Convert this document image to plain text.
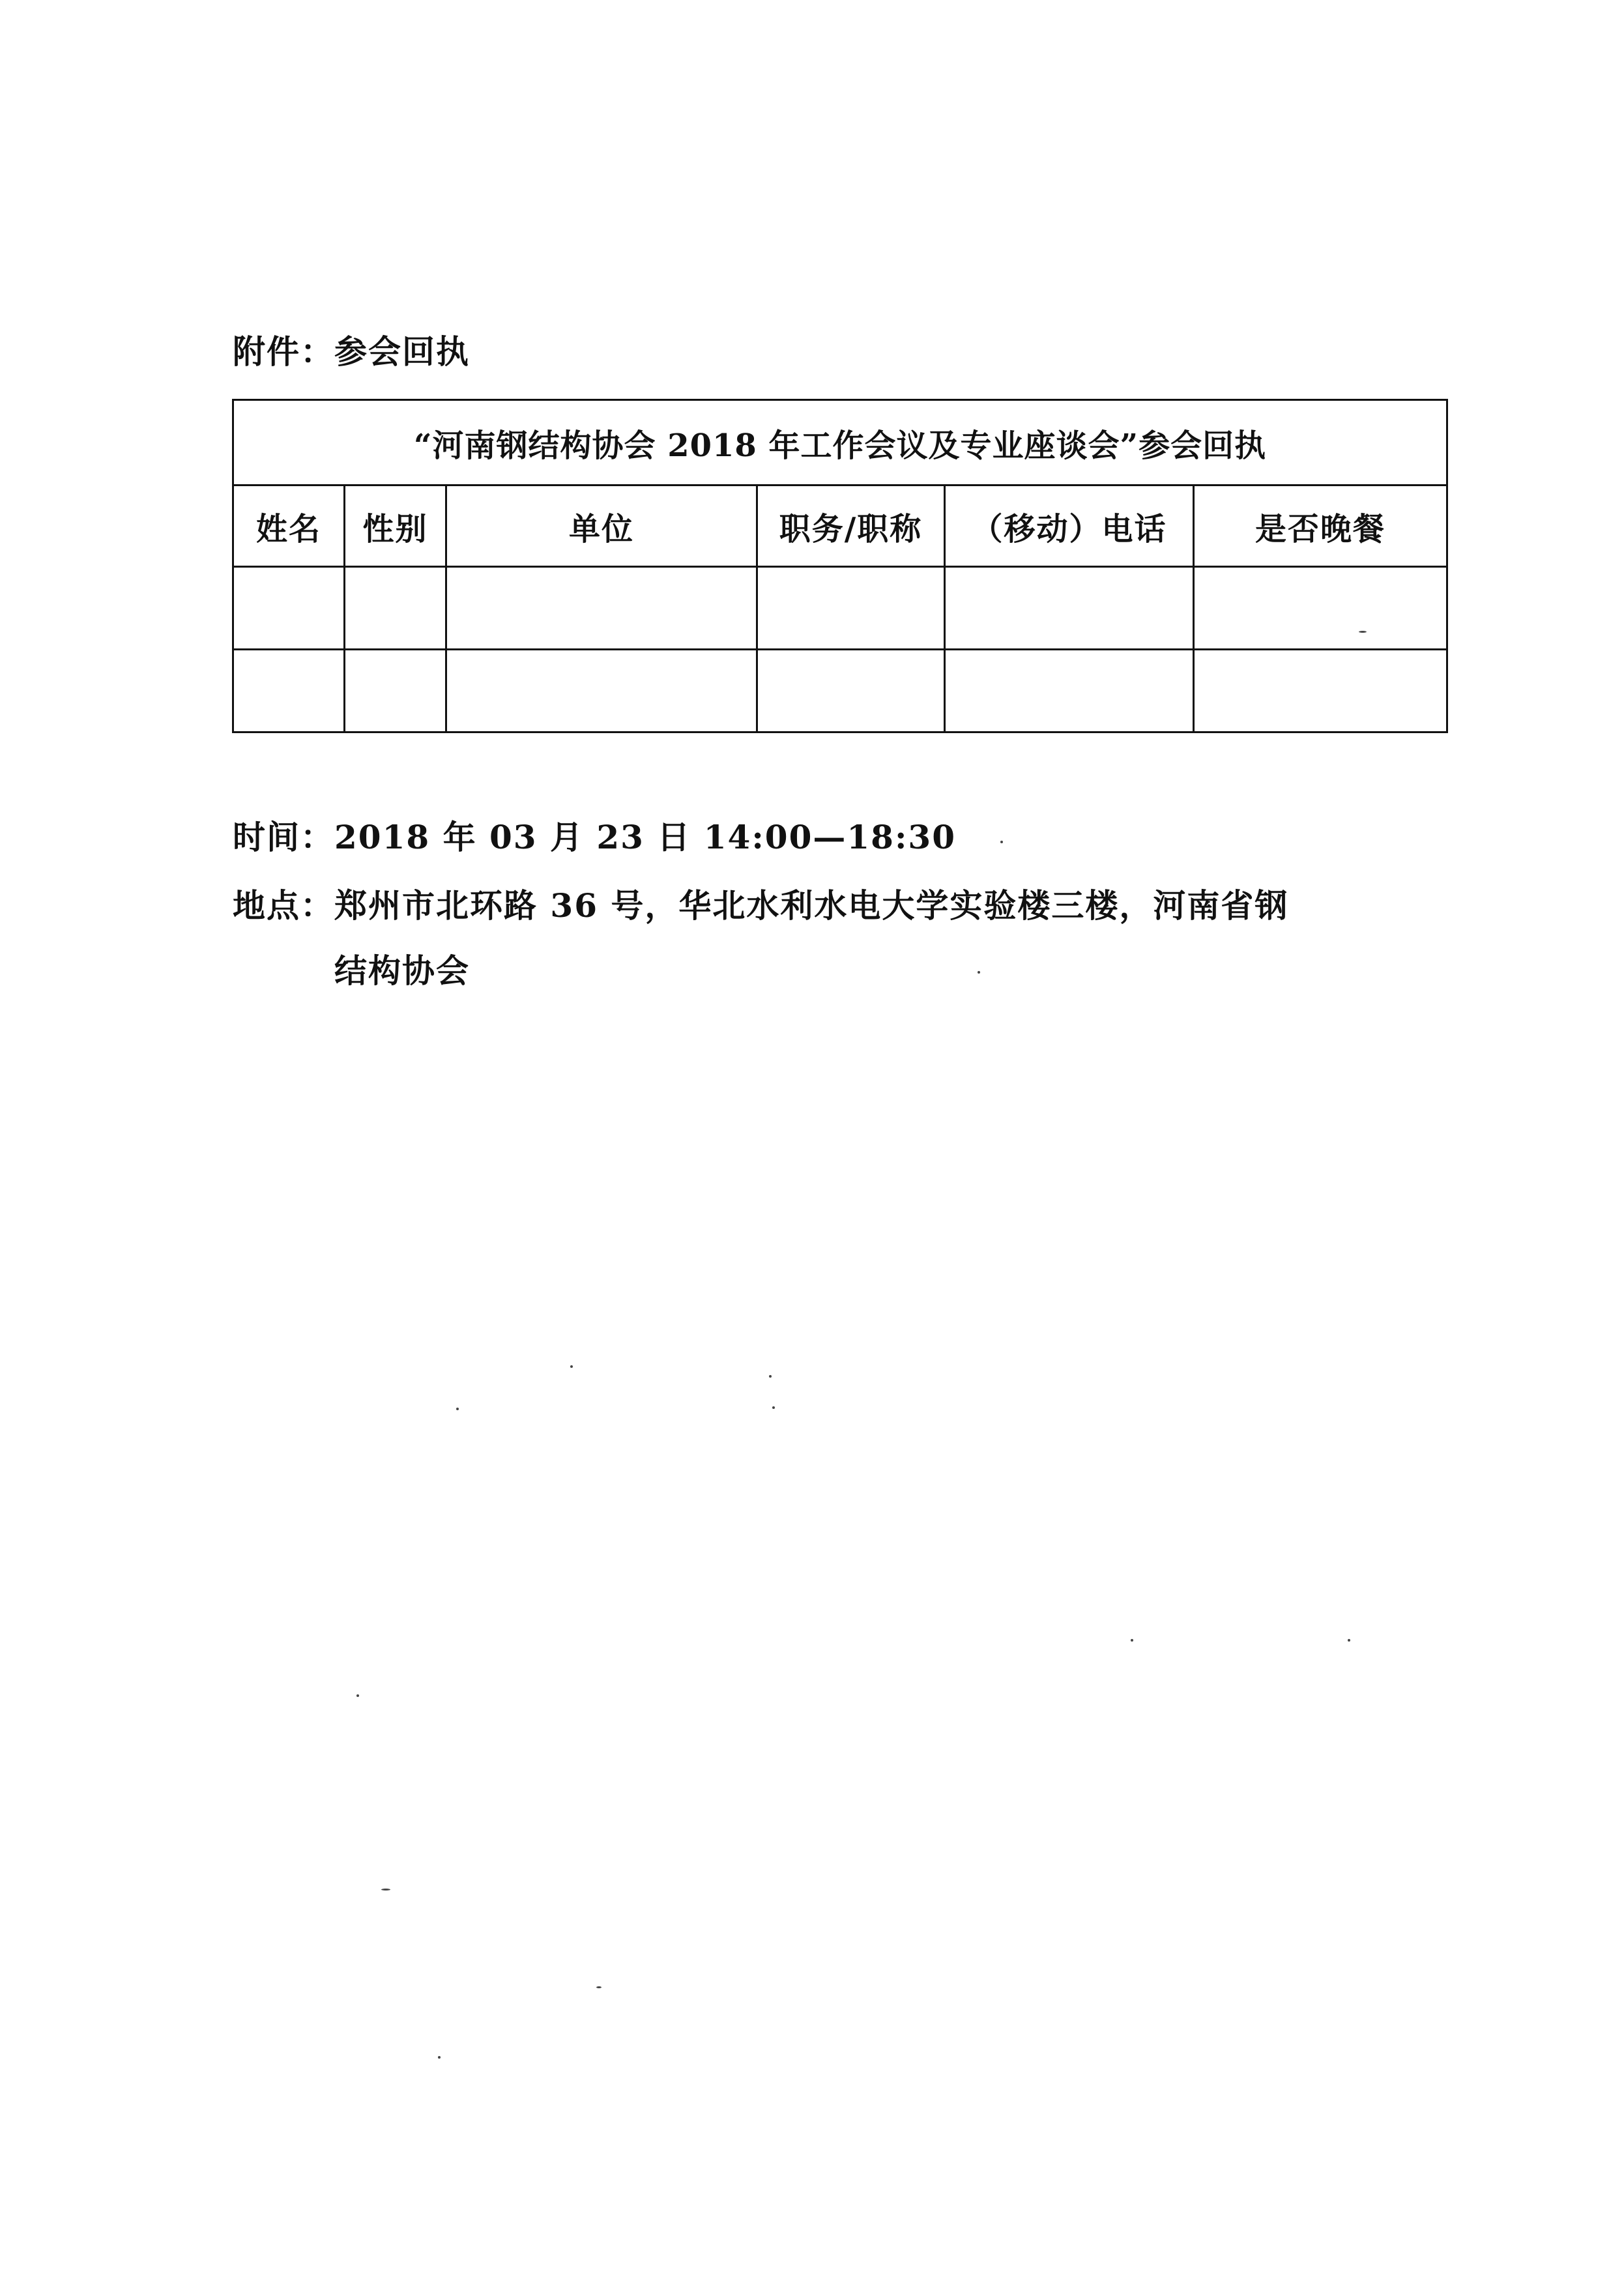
附件：参会回执
“河南钢结构协会 2018 年工作会议及专业座谈会”参会回执					
姓名	性别	单位	职务/职称	（移动）电话	是否晚餐

时间：2018 年 03 月 23 日 14:00—18:30
地点：郑州市北环路 36 号，华北水利水电大学实验楼三楼，河南省钢
结构协会
